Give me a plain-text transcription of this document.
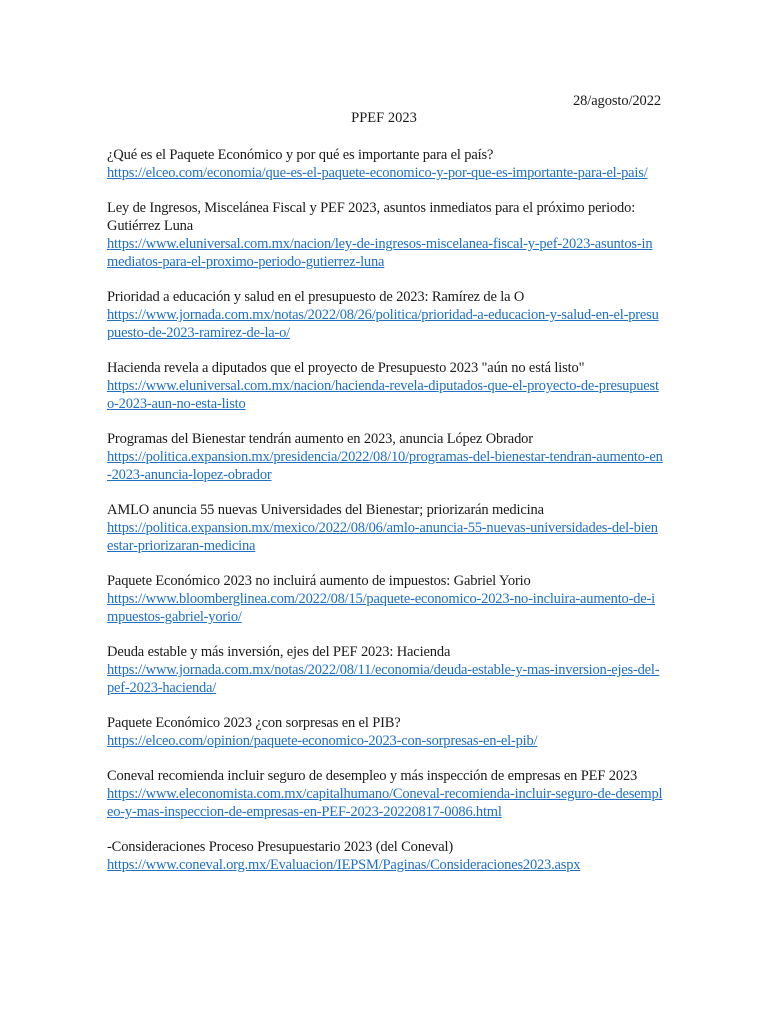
28/agosto/2022
PPEF 2023
¿Qué es el Paquete Económico y por qué es importante para el país?
https://elceo.com/economia/que-es-el-paquete-economico-y-por-que-es-importante-para-el-pais/
Ley de Ingresos, Miscelánea Fiscal y PEF 2023, asuntos inmediatos para el próximo periodo: Gutiérrez Luna
https://www.eluniversal.com.mx/nacion/ley-de-ingresos-miscelanea-fiscal-y-pef-2023-asuntos-inmediatos-para-el-proximo-periodo-gutierrez-luna
Prioridad a educación y salud en el presupuesto de 2023: Ramírez de la O
https://www.jornada.com.mx/notas/2022/08/26/politica/prioridad-a-educacion-y-salud-en-el-presupuesto-de-2023-ramirez-de-la-o/
Hacienda revela a diputados que el proyecto de Presupuesto 2023 "aún no está listo"
https://www.eluniversal.com.mx/nacion/hacienda-revela-diputados-que-el-proyecto-de-presupuesto-2023-aun-no-esta-listo
Programas del Bienestar tendrán aumento en 2023, anuncia López Obrador
https://politica.expansion.mx/presidencia/2022/08/10/programas-del-bienestar-tendran-aumento-en-2023-anuncia-lopez-obrador
AMLO anuncia 55 nuevas Universidades del Bienestar; priorizarán medicina
https://politica.expansion.mx/mexico/2022/08/06/amlo-anuncia-55-nuevas-universidades-del-bienestar-priorizaran-medicina
Paquete Económico 2023 no incluirá aumento de impuestos: Gabriel Yorio
https://www.bloomberglinea.com/2022/08/15/paquete-economico-2023-no-incluira-aumento-de-impuestos-gabriel-yorio/
Deuda estable y más inversión, ejes del PEF 2023: Hacienda
https://www.jornada.com.mx/notas/2022/08/11/economia/deuda-estable-y-mas-inversion-ejes-del-pef-2023-hacienda/
Paquete Económico 2023 ¿con sorpresas en el PIB?
https://elceo.com/opinion/paquete-economico-2023-con-sorpresas-en-el-pib/
Coneval recomienda incluir seguro de desempleo y más inspección de empresas en PEF 2023
https://www.eleconomista.com.mx/capitalhumano/Coneval-recomienda-incluir-seguro-de-desempleo-y-mas-inspeccion-de-empresas-en-PEF-2023-20220817-0086.html
-Consideraciones Proceso Presupuestario 2023 (del Coneval)
https://www.coneval.org.mx/Evaluacion/IEPSM/Paginas/Consideraciones2023.aspx
